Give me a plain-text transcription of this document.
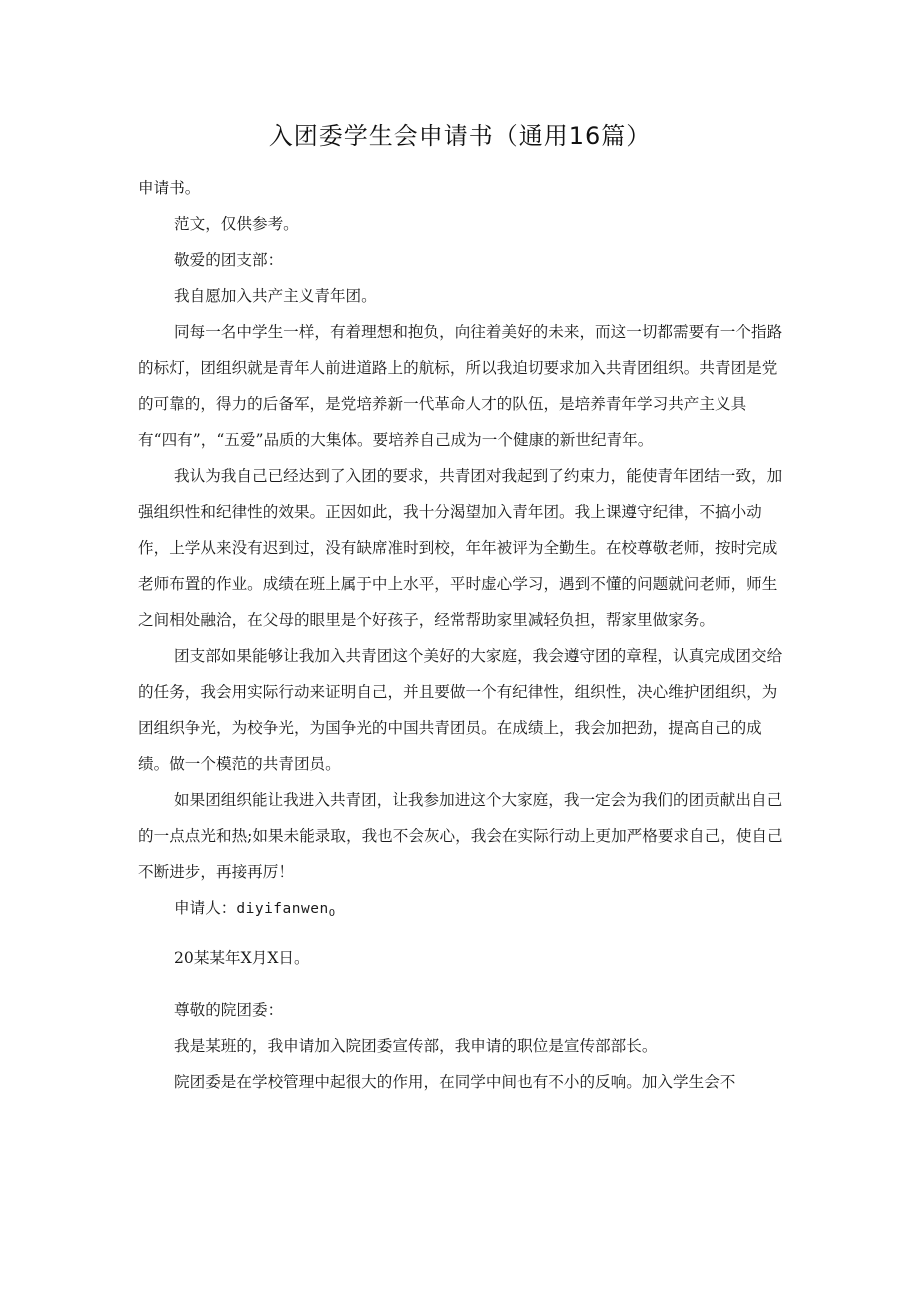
入团委学生会申请书（通用16篇）

申请书。

范文，仅供参考。

敬爱的团支部：

我自愿加入共产主义青年团。

同每一名中学生一样，有着理想和抱负，向往着美好的未来，而这一切都需要有一个指路的标灯，团组织就是青年人前进道路上的航标，所以我迫切要求加入共青团组织。共青团是党的可靠的，得力的后备军，是党培养新一代革命人才的队伍，是培养青年学习共产主义具有“四有”，“五爱”品质的大集体。要培养自己成为一个健康的新世纪青年。

我认为我自己已经达到了入团的要求，共青团对我起到了约束力，能使青年团结一致，加强组织性和纪律性的效果。正因如此，我十分渴望加入青年团。我上课遵守纪律，不搞小动作，上学从来没有迟到过，没有缺席准时到校，年年被评为全勤生。在校尊敬老师，按时完成老师布置的作业。成绩在班上属于中上水平，平时虚心学习，遇到不懂的问题就问老师，师生之间相处融洽，在父母的眼里是个好孩子，经常帮助家里减轻负担，帮家里做家务。

团支部如果能够让我加入共青团这个美好的大家庭，我会遵守团的章程，认真完成团交给的任务，我会用实际行动来证明自己，并且要做一个有纪律性，组织性，决心维护团组织，为团组织争光，为校争光，为国争光的中国共青团员。在成绩上，我会加把劲，提高自己的成绩。做一个模范的共青团员。

如果团组织能让我进入共青团，让我参加进这个大家庭，我一定会为我们的团贡献出自己的一点点光和热;如果未能录取，我也不会灰心，我会在实际行动上更加严格要求自己，使自己不断进步，再接再厉！

申请人：diyifanwen$_0$

20某某年X月X日。

尊敬的院团委：

我是某班的，我申请加入院团委宣传部，我申请的职位是宣传部部长。

院团委是在学校管理中起很大的作用，在同学中间也有不小的反响。加入学生会不
